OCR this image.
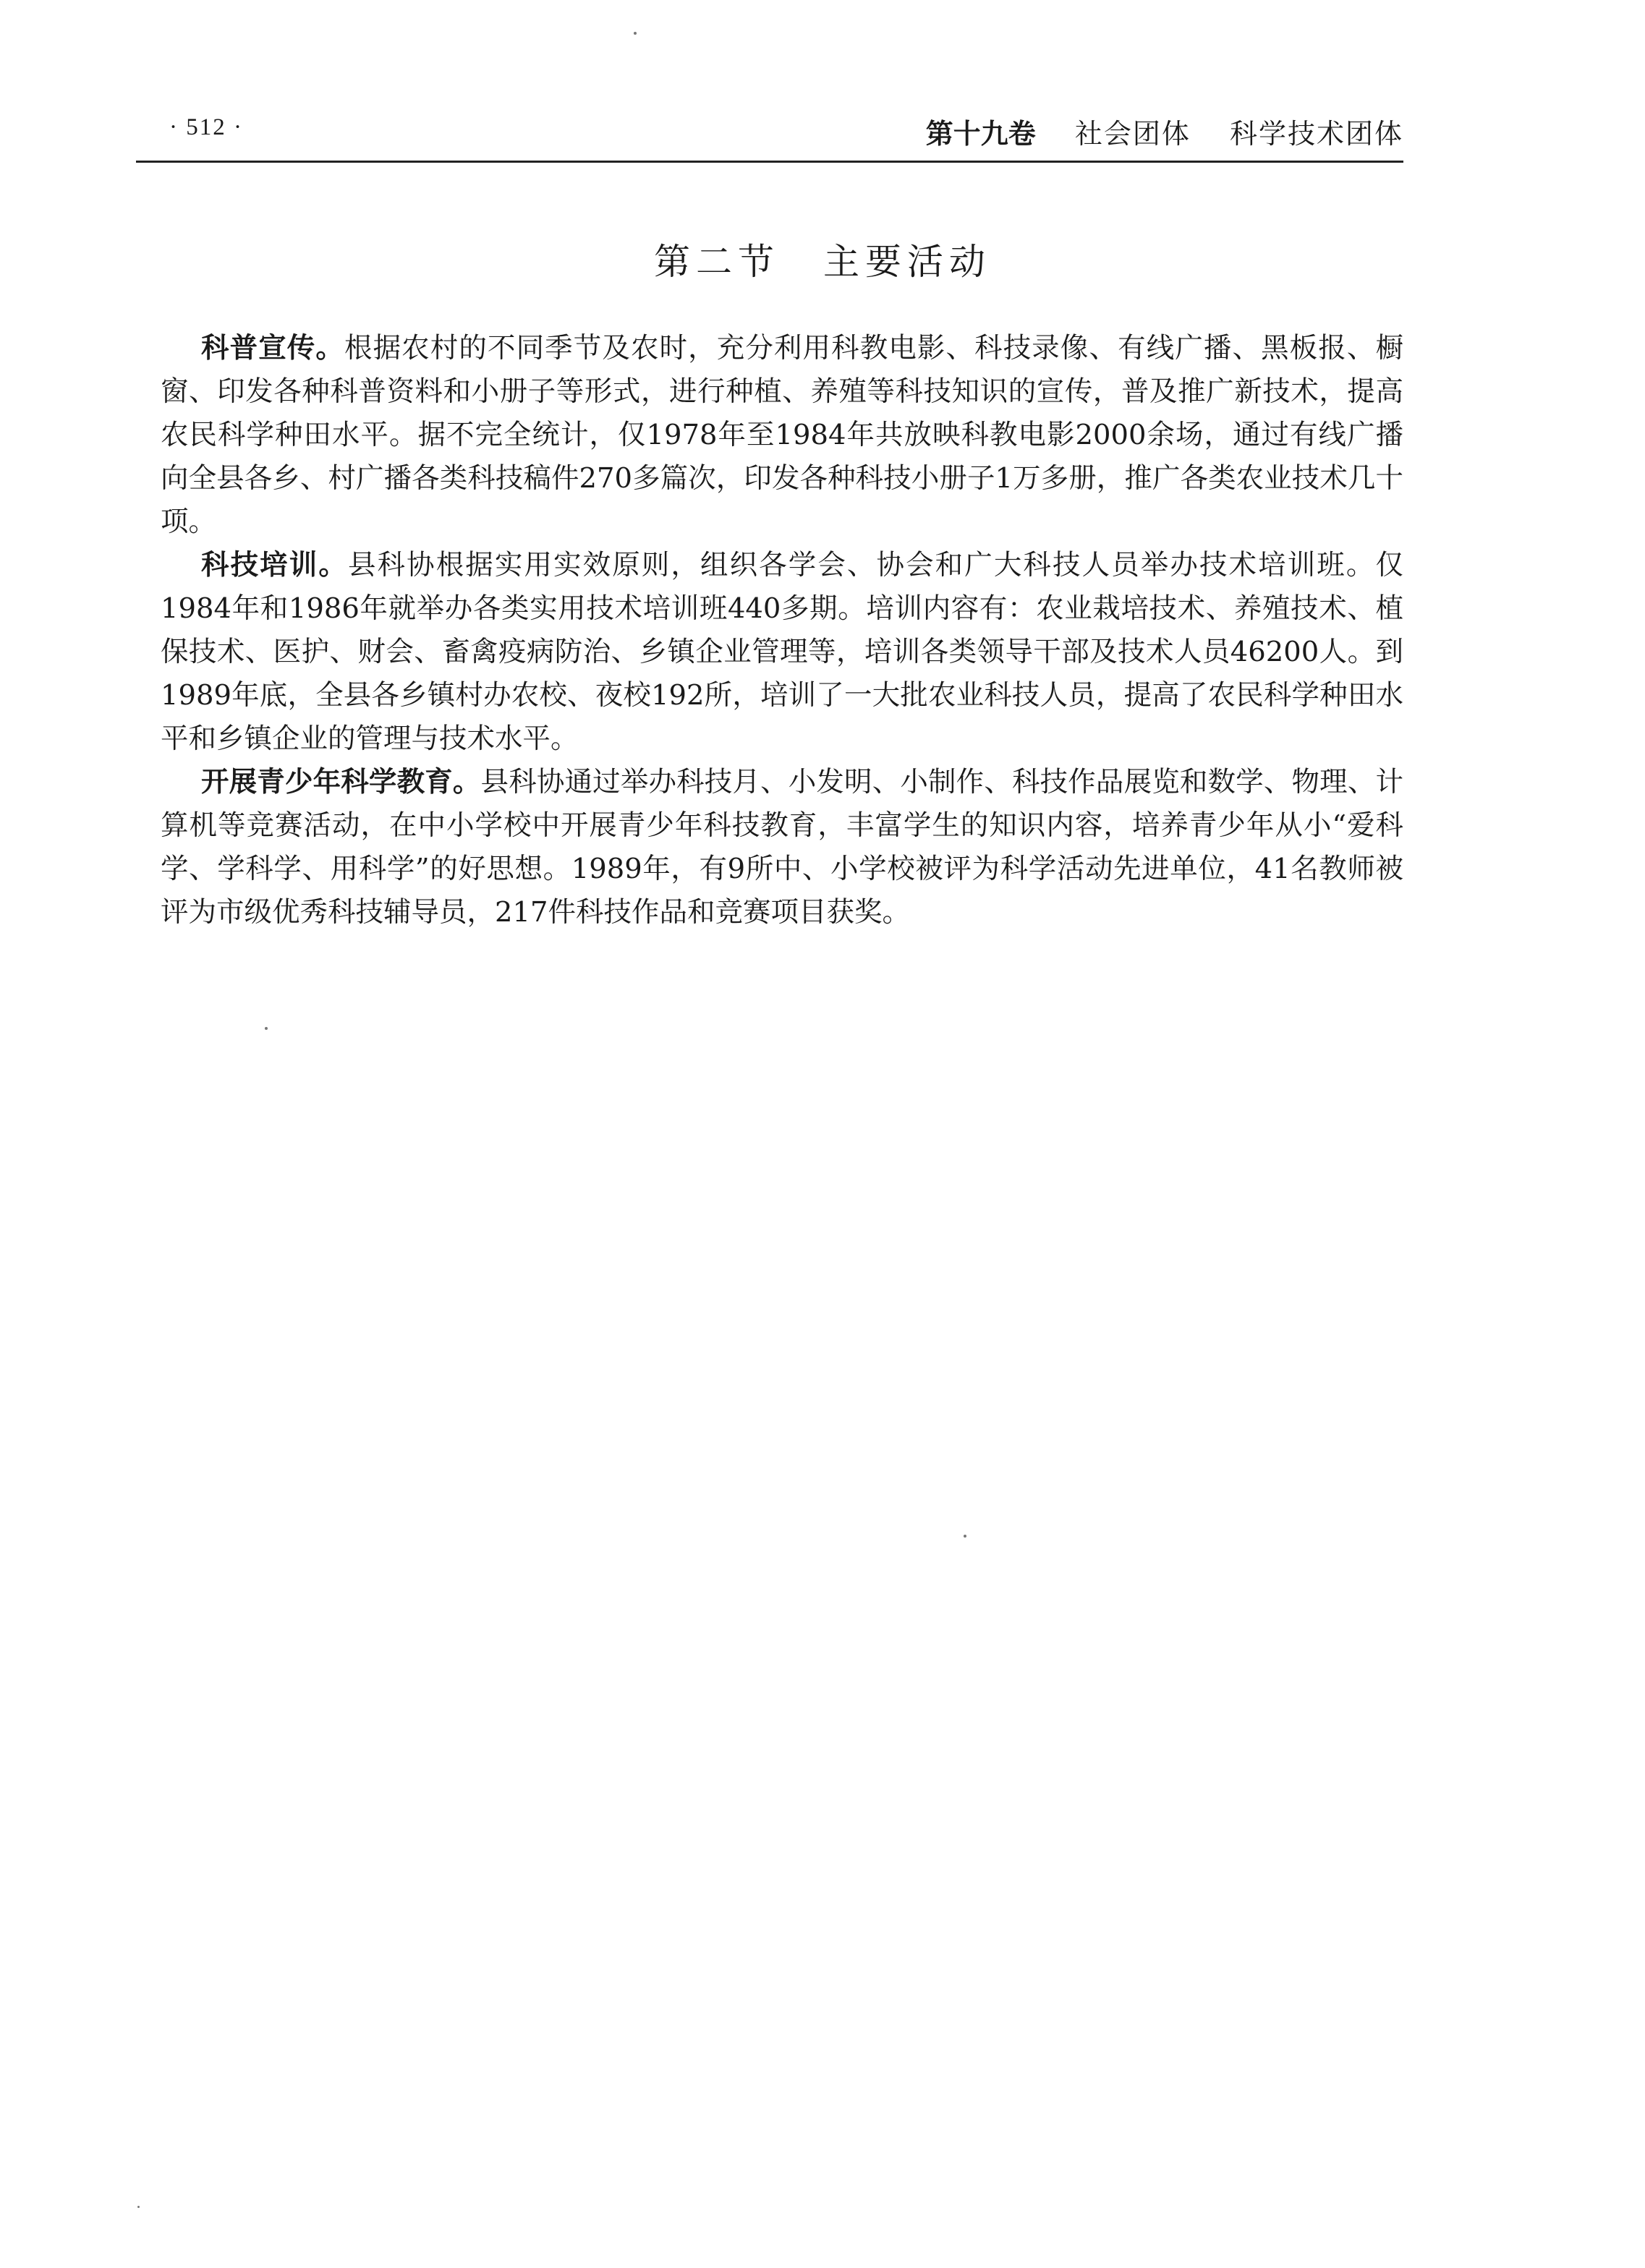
· 512 ·	第十九卷 社会团体 科学技术团体
第二节 主要活动

科普宣传。根据农村的不同季节及农时，充分利用科教电影、科技录像、有线广播、黑板报、橱窗、印发各种科普资料和小册子等形式，进行种植、养殖等科技知识的宣传，普及推广新技术，提高农民科学种田水平。据不完全统计，仅1978年至1984年共放映科教电影2000余场，通过有线广播向全县各乡、村广播各类科技稿件270多篇次，印发各种科技小册子1万多册，推广各类农业技术几十项。

科技培训。县科协根据实用实效原则，组织各学会、协会和广大科技人员举办技术培训班。仅1984年和1986年就举办各类实用技术培训班440多期。培训内容有：农业栽培技术、养殖技术、植保技术、医护、财会、畜禽疫病防治、乡镇企业管理等，培训各类领导干部及技术人员46200人。到1989年底，全县各乡镇村办农校、夜校192所，培训了一大批农业科技人员，提高了农民科学种田水平和乡镇企业的管理与技术水平。

开展青少年科学教育。县科协通过举办科技月、小发明、小制作、科技作品展览和数学、物理、计算机等竞赛活动，在中小学校中开展青少年科技教育，丰富学生的知识内容，培养青少年从小“爱科学、学科学、用科学”的好思想。1989年，有9所中、小学校被评为科学活动先进单位，41名教师被评为市级优秀科技辅导员，217件科技作品和竞赛项目获奖。
